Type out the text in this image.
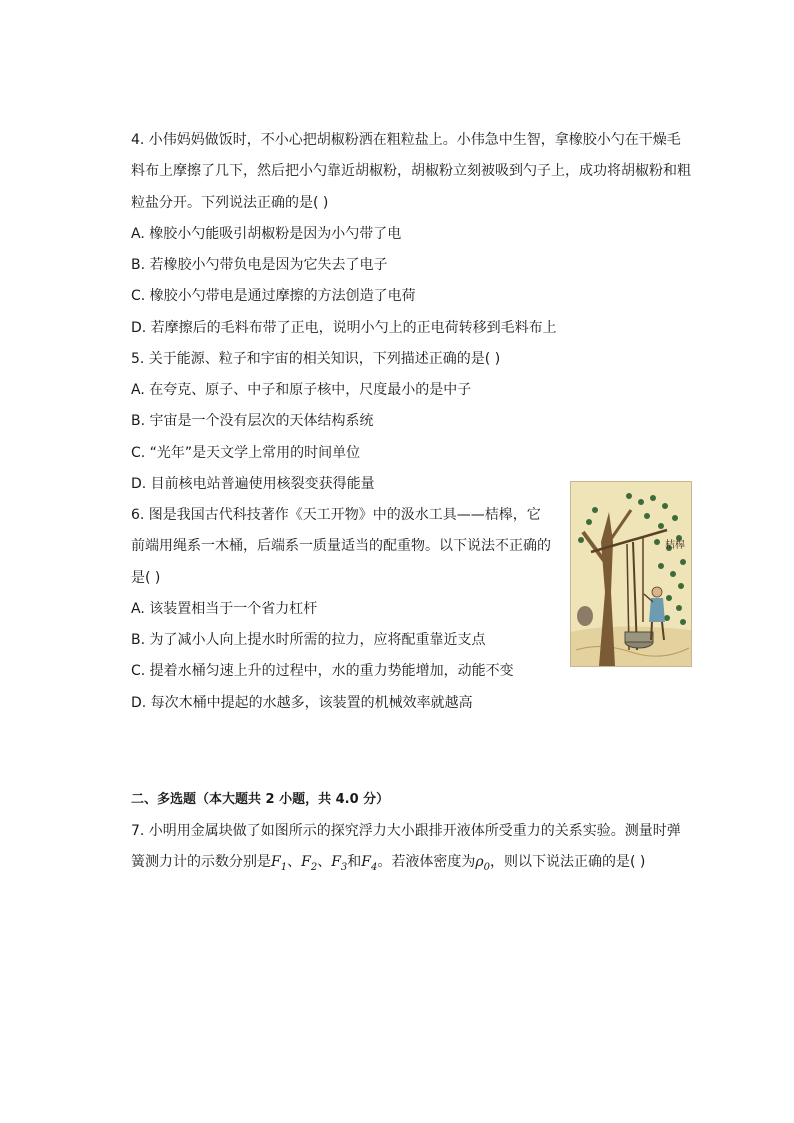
4. 小伟妈妈做饭时，不小心把胡椒粉洒在粗粒盐上。小伟急中生智，拿橡胶小勺在干燥毛
料布上摩擦了几下，然后把小勺靠近胡椒粉，胡椒粉立刻被吸到勺子上，成功将胡椒粉和粗
粒盐分开。下列说法正确的是( )
A. 橡胶小勺能吸引胡椒粉是因为小勺带了电
B. 若橡胶小勺带负电是因为它失去了电子
C. 橡胶小勺带电是通过摩擦的方法创造了电荷
D. 若摩擦后的毛料布带了正电，说明小勺上的正电荷转移到毛料布上
5. 关于能源、粒子和宇宙的相关知识，下列描述正确的是( )
A. 在夸克、原子、中子和原子核中，尺度最小的是中子
B. 宇宙是一个没有层次的天体结构系统
C. “光年”是天文学上常用的时间单位
D. 目前核电站普遍使用核裂变获得能量
6. 图是我国古代科技著作《天工开物》中的汲水工具——桔槔，它
前端用绳系一木桶，后端系一质量适当的配重物。以下说法不正确的
是( )
A. 该装置相当于一个省力杠杆
B. 为了减小人向上提水时所需的拉力，应将配重靠近支点
C. 提着水桶匀速上升的过程中，水的重力势能增加，动能不变
D. 每次木桶中提起的水越多，该装置的机械效率就越高
桔槔
二、多选题（本大题共 2 小题，共 4.0 分）
7. 小明用金属块做了如图所示的探究浮力大小跟排开液体所受重力的关系实验。测量时弹
簧测力计的示数分别是$F_1$、$F_2$、$F_3$和$F_4$。若液体密度为$\rho_0$，则以下说法正确的是( )
